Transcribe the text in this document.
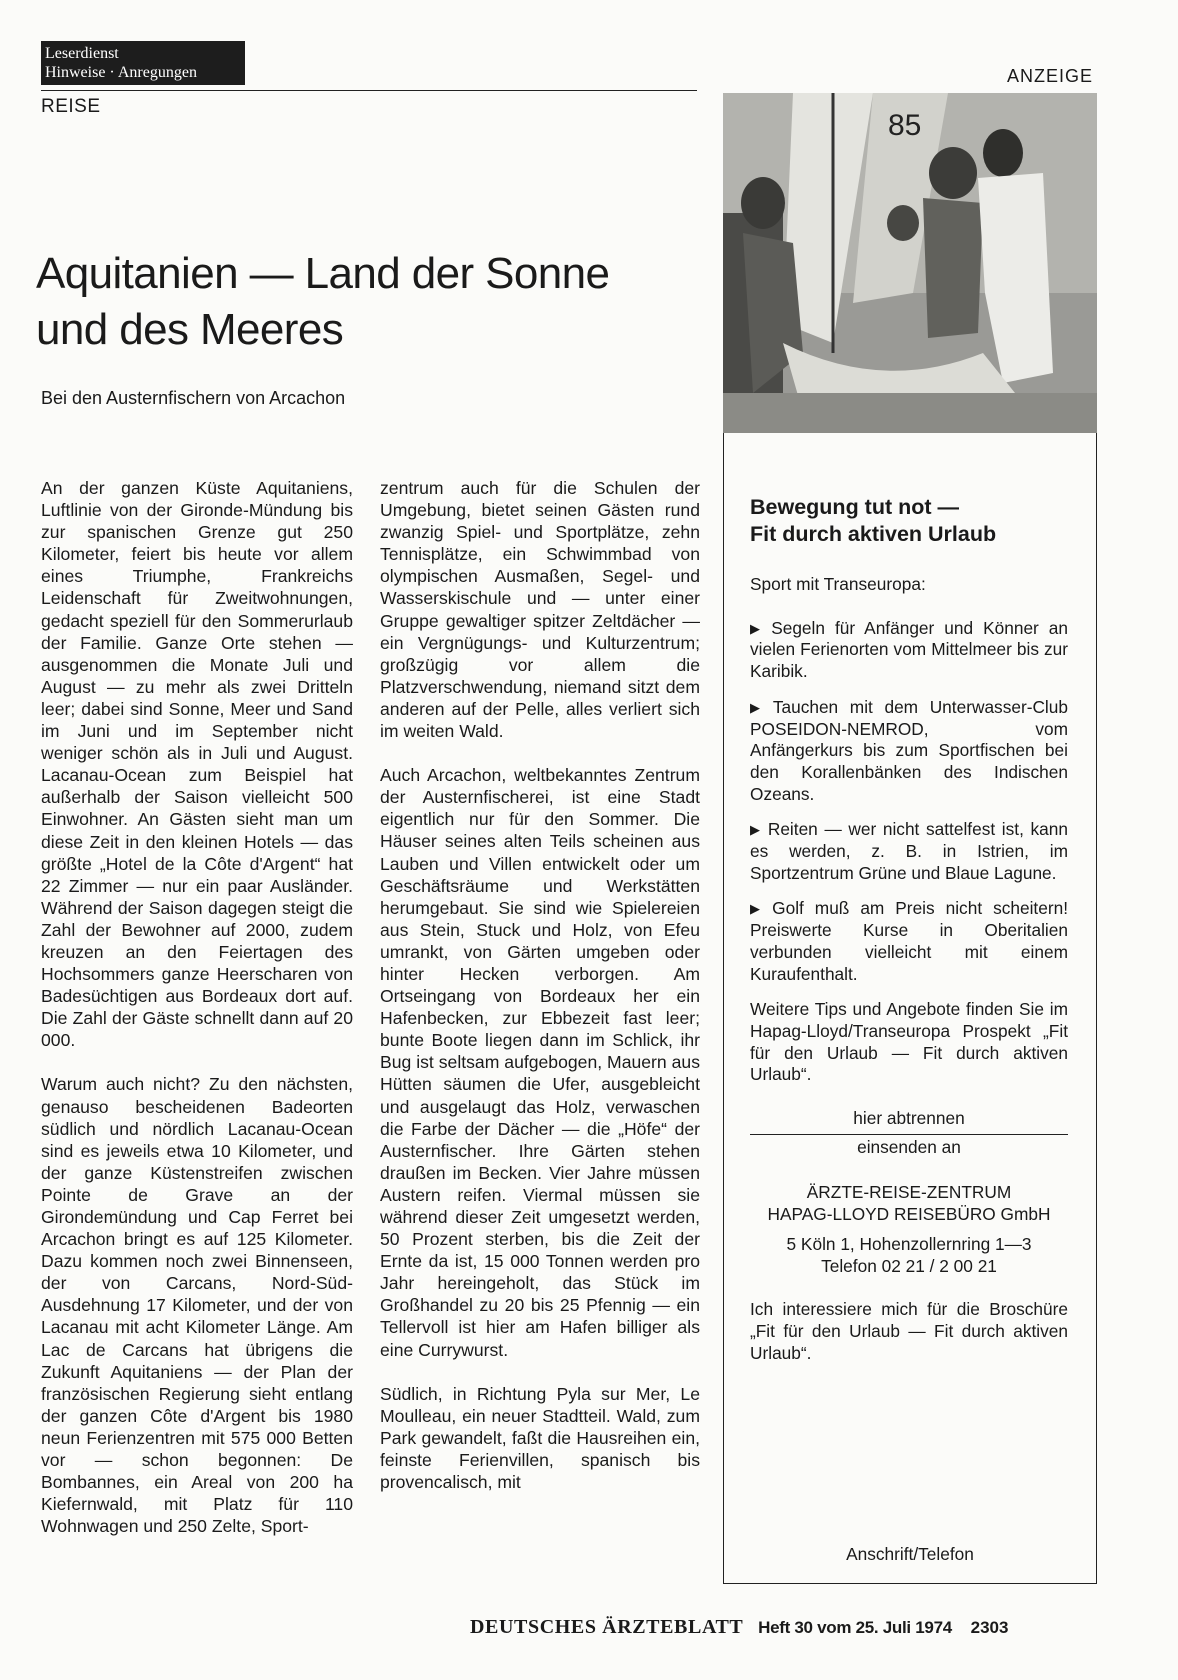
Leserdienst
Hinweise · Anregungen
REISE
ANZEIGE
Aquitanien — Land der Sonne
und des Meeres
Bei den Austernfischern von Arcachon

An der ganzen Küste Aquitaniens, Luftlinie von der Gironde-Mündung bis zur spanischen Grenze gut 250 Kilometer, feiert bis heute vor allem eines Triumphe, Frankreichs Leidenschaft für Zweitwohnungen, gedacht speziell für den Sommerurlaub der Familie. Ganze Orte stehen — ausgenommen die Monate Juli und August — zu mehr als zwei Dritteln leer; dabei sind Sonne, Meer und Sand im Juni und im September nicht weniger schön als in Juli und August. Lacanau-Ocean zum Beispiel hat außerhalb der Saison vielleicht 500 Einwohner. An Gästen sieht man um diese Zeit in den kleinen Hotels — das größte „Hotel de la Côte d'Argent“ hat 22 Zimmer — nur ein paar Ausländer. Während der Saison dagegen steigt die Zahl der Bewohner auf 2000, zudem kreuzen an den Feiertagen des Hochsommers ganze Heerscharen von Badesüchtigen aus Bordeaux dort auf. Die Zahl der Gäste schnellt dann auf 20 000.

Warum auch nicht? Zu den nächsten, genauso bescheidenen Badeorten südlich und nördlich Lacanau-Ocean sind es jeweils etwa 10 Kilometer, und der ganze Küstenstreifen zwischen Pointe de Grave an der Girondemündung und Cap Ferret bei Arcachon bringt es auf 125 Kilometer. Dazu kommen noch zwei Binnenseen, der von Carcans, Nord-Süd-Ausdehnung 17 Kilometer, und der von Lacanau mit acht Kilometer Länge. Am Lac de Carcans hat übrigens die Zukunft Aquitaniens — der Plan der französischen Regierung sieht entlang der ganzen Côte d'Argent bis 1980 neun Ferienzentren mit 575 000 Betten vor — schon begonnen: De Bombannes, ein Areal von 200 ha Kiefernwald, mit Platz für 110 Wohnwagen und 250 Zelte, Sport-

zentrum auch für die Schulen der Umgebung, bietet seinen Gästen rund zwanzig Spiel- und Sportplätze, zehn Tennisplätze, ein Schwimmbad von olympischen Ausmaßen, Segel- und Wasserskischule und — unter einer Gruppe gewaltiger spitzer Zeltdächer — ein Vergnügungs- und Kulturzentrum; großzügig vor allem die Platzverschwendung, niemand sitzt dem anderen auf der Pelle, alles verliert sich im weiten Wald.

Auch Arcachon, weltbekanntes Zentrum der Austernfischerei, ist eine Stadt eigentlich nur für den Sommer. Die Häuser seines alten Teils scheinen aus Lauben und Villen entwickelt oder um Geschäftsräume und Werkstätten herumgebaut. Sie sind wie Spielereien aus Stein, Stuck und Holz, von Efeu umrankt, von Gärten umgeben oder hinter Hecken verborgen. Am Ortseingang von Bordeaux her ein Hafenbecken, zur Ebbezeit fast leer; bunte Boote liegen dann im Schlick, ihr Bug ist seltsam aufgebogen, Mauern aus Hütten säumen die Ufer, ausgebleicht und ausgelaugt das Holz, verwaschen die Farbe der Dächer — die „Höfe“ der Austernfischer. Ihre Gärten stehen draußen im Becken. Vier Jahre müssen Austern reifen. Viermal müssen sie während dieser Zeit umgesetzt werden, 50 Prozent sterben, bis die Zeit der Ernte da ist, 15 000 Tonnen werden pro Jahr hereingeholt, das Stück im Großhandel zu 20 bis 25 Pfennig — ein Tellervoll ist hier am Hafen billiger als eine Currywurst.

Südlich, in Richtung Pyla sur Mer, Le Moulleau, ein neuer Stadtteil. Wald, zum Park gewandelt, faßt die Hausreihen ein, feinste Ferienvillen, spanisch bis provencalisch, mit

85
Bewegung tut not —
Fit durch aktiven Urlaub

Sport mit Transeuropa:

▶ Segeln für Anfänger und Könner an vielen Ferienorten vom Mittelmeer bis zur Karibik.

▶ Tauchen mit dem Unterwasser-Club POSEIDON-NEMROD, vom Anfängerkurs bis zum Sportfischen bei den Korallenbänken des Indischen Ozeans.

▶ Reiten — wer nicht sattelfest ist, kann es werden, z. B. in Istrien, im Sportzentrum Grüne und Blaue Lagune.

▶ Golf muß am Preis nicht scheitern! Preiswerte Kurse in Oberitalien verbunden vielleicht mit einem Kuraufenthalt.

Weitere Tips und Angebote finden Sie im Hapag-Lloyd/Transeuropa Prospekt „Fit für den Urlaub — Fit durch aktiven Urlaub“.

hier abtrennen

einsenden an

ÄRZTE-REISE-ZENTRUM

HAPAG-LLOYD REISEBÜRO GmbH

5 Köln 1, Hohenzollernring 1—3

Telefon 02 21 / 2 00 21

Ich interessiere mich für die Broschüre „Fit für den Urlaub — Fit durch aktiven Urlaub“.

Anschrift/Telefon
DEUTSCHES ÄRZTEBLATT Heft 30 vom 25. Juli 1974 2303
